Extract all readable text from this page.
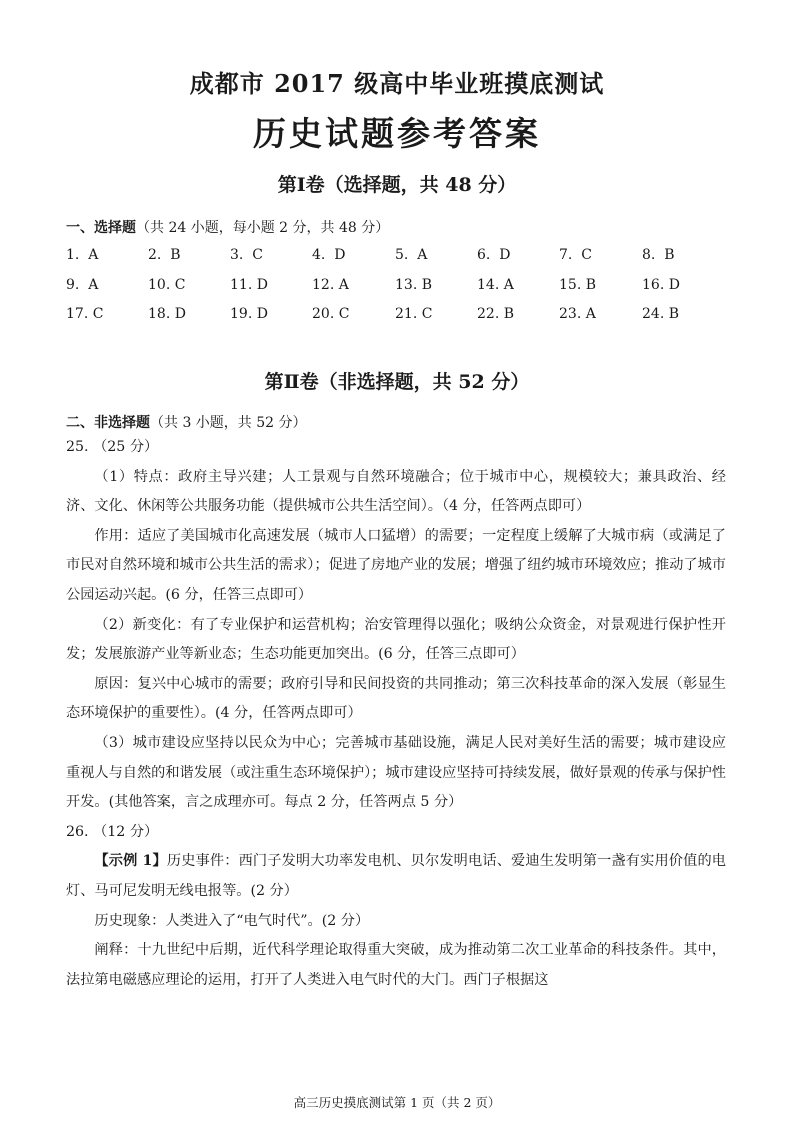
成都市 2017 级高中毕业班摸底测试
历史试题参考答案
第Ⅰ卷（选择题，共 48 分）
一、选择题（共 24 小题，每小题 2 分，共 48 分）
1.  A	2.  B	3.  C	4.  D	5.  A	6.  D	7.  C	8.  B
9.  A	10. C	11. D	12. A	13. B	14. A	15. B	16. D
17. C	18. D	19. D	20. C	21. C	22. B	23. A	24. B
第Ⅱ卷（非选择题，共 52 分）
二、非选择题（共 3 小题，共 52 分）

25. （25 分）

（1）特点：政府主导兴建；人工景观与自然环境融合；位于城市中心，规模较大；兼具政治、经济、文化、休闲等公共服务功能（提供城市公共生活空间）。（4 分，任答两点即可）

作用：适应了美国城市化高速发展（城市人口猛增）的需要；一定程度上缓解了大城市病（或满足了市民对自然环境和城市公共生活的需求）；促进了房地产业的发展；增强了纽约城市环境效应；推动了城市公园运动兴起。(6 分，任答三点即可）

（2）新变化：有了专业保护和运营机构；治安管理得以强化；吸纳公众资金，对景观进行保护性开发；发展旅游产业等新业态；生态功能更加突出。(6 分，任答三点即可）

原因：复兴中心城市的需要；政府引导和民间投资的共同推动；第三次科技革命的深入发展（彰显生态环境保护的重要性）。(4 分，任答两点即可）

（3）城市建设应坚持以民众为中心；完善城市基础设施，满足人民对美好生活的需要；城市建设应重视人与自然的和谐发展（或注重生态环境保护）；城市建设应坚持可持续发展，做好景观的传承与保护性开发。(其他答案，言之成理亦可。每点 2 分，任答两点 5 分）

26. （12 分）

【示例 1】历史事件：西门子发明大功率发电机、贝尔发明电话、爱迪生发明第一盏有实用价值的电灯、马可尼发明无线电报等。(2 分）

历史现象：人类进入了“电气时代”。(2 分）

阐释：十九世纪中后期，近代科学理论取得重大突破，成为推动第二次工业革命的科技条件。其中，法拉第电磁感应理论的运用，打开了人类进入电气时代的大门。西门子根据这

高三历史摸底测试第 1 页（共 2 页）
